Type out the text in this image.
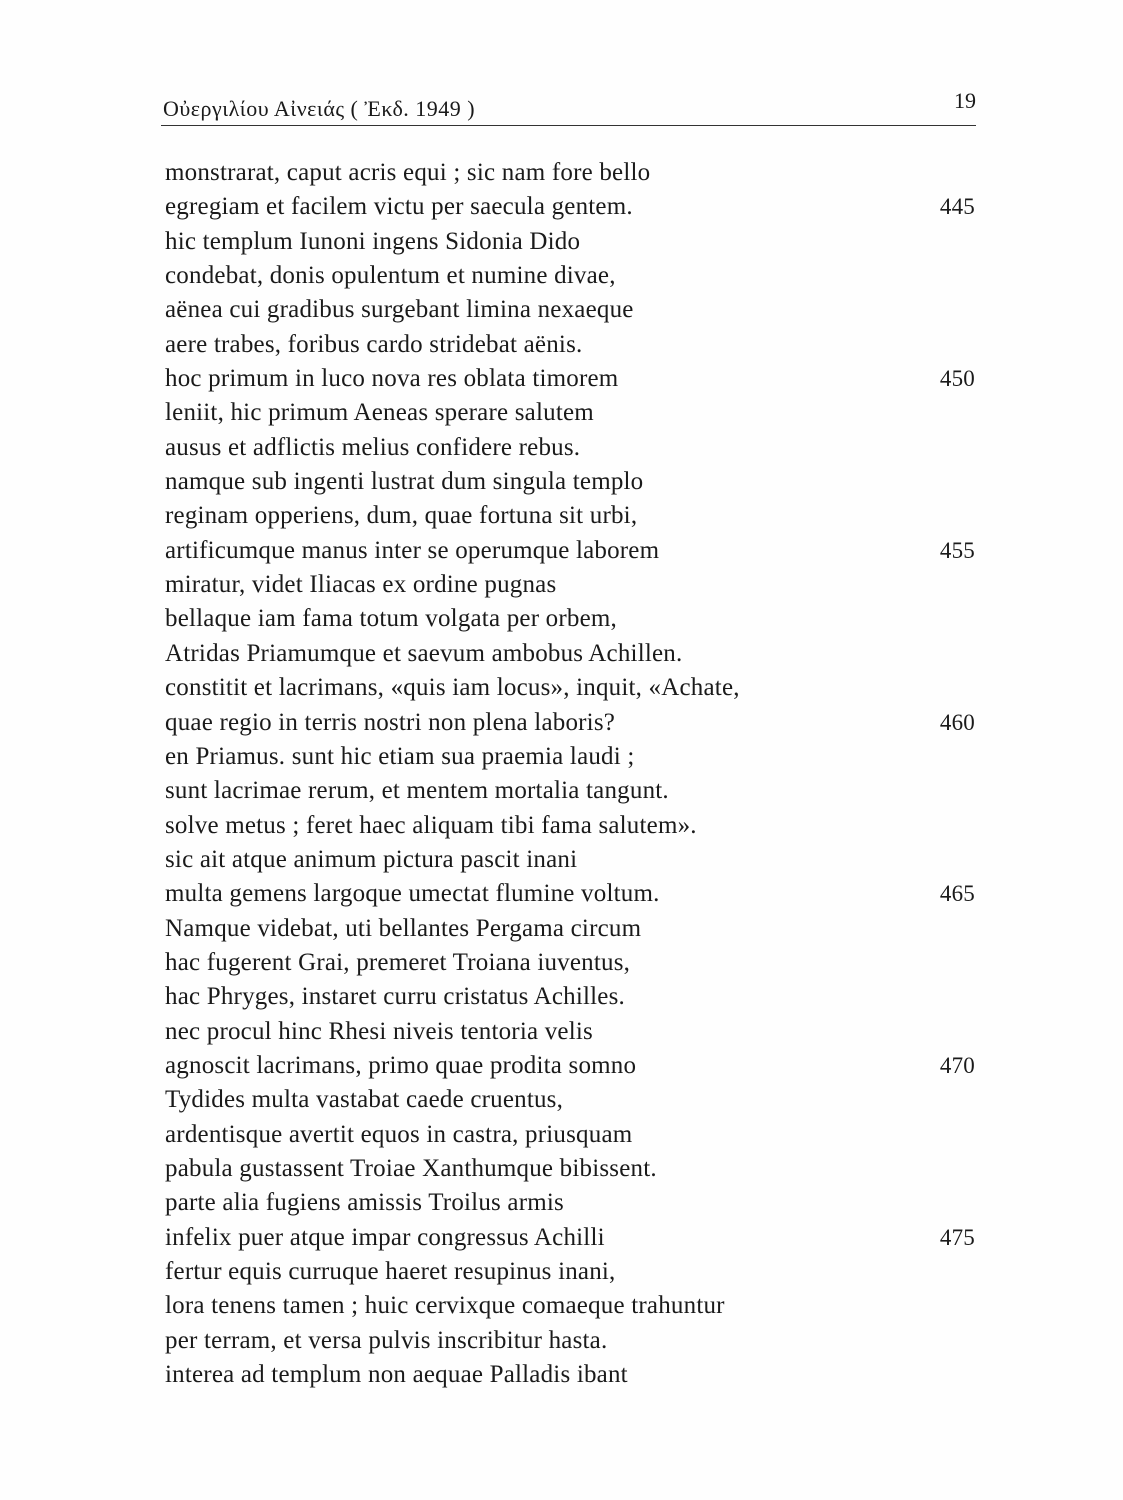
Οὐεργιλίου Αἰνειάς ( Ἐκδ. 1949 )	19
monstrarat, caput acris equi ; sic nam fore bello
egregiam et facilem victu per saecula gentem.	445
hic templum Iunoni ingens Sidonia Dido
condebat, donis opulentum et numine divae,
aënea cui gradibus surgebant limina nexaeque
aere trabes, foribus cardo stridebat aënis.
hoc primum in luco nova res oblata timorem	450
leniit, hic primum Aeneas sperare salutem
ausus et adflictis melius confidere rebus.
namque sub ingenti lustrat dum singula templo
reginam opperiens, dum, quae fortuna sit urbi,
artificumque manus inter se operumque laborem	455
miratur, videt Iliacas ex ordine pugnas
bellaque iam fama totum volgata per orbem,
Atridas Priamumque et saevum ambobus Achillen.
constitit et lacrimans, «quis iam locus», inquit, «Achate,
quae regio in terris nostri non plena laboris?	460
en Priamus. sunt hic etiam sua praemia laudi ;
sunt lacrimae rerum, et mentem mortalia tangunt.
solve metus ; feret haec aliquam tibi fama salutem».
sic ait atque animum pictura pascit inani
multa gemens largoque umectat flumine voltum.	465
Namque videbat, uti bellantes Pergama circum
hac fugerent Grai, premeret Troiana iuventus,
hac Phryges, instaret curru cristatus Achilles.
nec procul hinc Rhesi niveis tentoria velis
agnoscit lacrimans, primo quae prodita somno	470
Tydides multa vastabat caede cruentus,
ardentisque avertit equos in castra, priusquam
pabula gustassent Troiae Xanthumque bibissent.
parte alia fugiens amissis Troilus armis
infelix puer atque impar congressus Achilli	475
fertur equis curruque haeret resupinus inani,
lora tenens tamen ; huic cervixque comaeque trahuntur
per terram, et versa pulvis inscribitur hasta.
interea ad templum non aequae Palladis ibant
